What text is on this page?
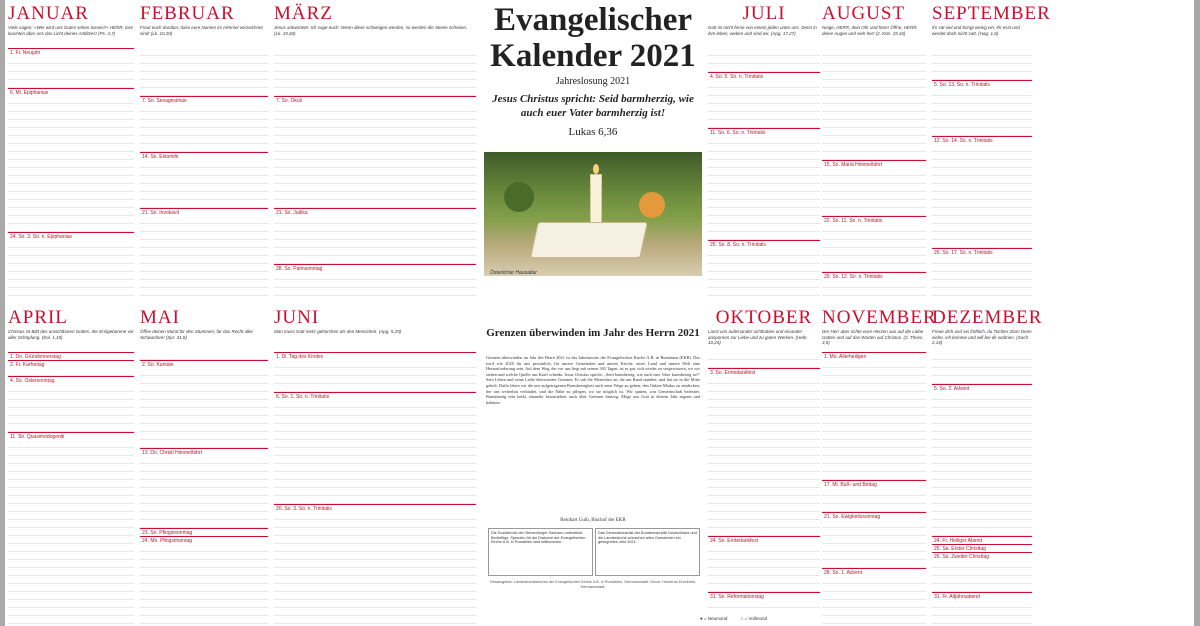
JANUAR
Viele sagen: »Wer wird uns Gutes sehen lassen?« HERR, lass leuchten über uns das Licht deines Antlitzes! (Ps. 4,7)
1. Fr. Neujahr
6. Mi. Epiphanias
24. So. 3. So. n. Epiphanias
FEBRUAR
Freut euch darüber, dass eure Namen im Himmel verzeichnet sind! (Lk. 10,20)
7. So. Sexagesimae
14. So. Estomihi
21. So. Invokavit
MÄRZ
Jesus antwortete: Ich sage euch: Wenn diese schweigen werden, so werden die Steine schreien. (Lk. 19,40)
7. So. Okuli
21. So. Judika
28. So. Palmsonntag
Evangelischer Kalender 2021
Jahreslosung 2021
Jesus Christus spricht: Seid barmherzig, wie auch euer Vater barmherzig ist!
Lukas 6,36
Österlicher Hausaltar
JULI
Gott ist nicht ferne von einem jeden unter uns. Denn in ihm leben, weben und sind wir. (Apg. 17,27)
4. So. 5. So. n. Trinitatis
11. So. 6. So. n. Trinitatis
25. So. 8. So. n. Trinitatis
AUGUST
Neige, HERR, dein Ohr und höre! Öffne, HERR, deine Augen und sieh her! (2. Kön. 19,16)
15. So. Mariä Himmelfahrt
22. So. 11. So. n. Trinitatis
29. So. 12. So. n. Trinitatis
SEPTEMBER
Ihr sät viel und bringt wenig ein; ihr esst und werdet doch nicht satt. (Hag. 1,6)
5. So. 13. So. n. Trinitatis
12. So. 14. So. n. Trinitatis
26. So. 17. So. n. Trinitatis
APRIL
Christus ist Bild des unsichtbaren Gottes, der Erstgeborene vor aller Schöpfung. (Kol. 1,15)
1. Do. Gründonnerstag
2. Fr. Karfreitag
4. So. Ostersonntag
11. So. Quasimodogeniti
MAI
Öffne deinen Mund für den Stummen, für das Recht aller Schwachen! (Spr. 31,8)
2. So. Kantate
13. Do. Christi Himmelfahrt
23. So. Pfingstsonntag
24. Mo. Pfingstmontag
JUNI
Man muss Gott mehr gehorchen als den Menschen. (Apg. 5,29)
1. Di. Tag des Kindes
6. So. 1. So. n. Trinitatis
20. So. 3. So. n. Trinitatis
Grenzen überwinden im Jahr des Herrn 2021
Grenzen überwinden im Jahr des Herrn 2021 ist das Jahresmotto der Evangelischen Kirche A.B. in Rumänien (EKR). Das wird wie 2020 für uns persönlich, für unsere Gemeinden und unsere Kirche, unser Land und unsere Welt eine Herausforderung sein. Auf dem Weg, der vor uns liegt mit seinen 365 Tagen, ist es gut, sich wieder zu vergewissern, wo wir stehen und welche Quelle uns Kraft schenkt. Jesus Christus spricht: „Seid barmherzig, wie auch euer Vater barmherzig ist!“ Sein Leben und seine Liebe überwinden Grenzen. Er sah die Menschen an, die am Rand standen, und hat sie in die Mitte geholt. Dafür leben wir die uns aufgetragenen Barmherzigkeit auch neue Wege zu gehen: den Online-Modus zu entdecken, der uns weiterhin verbindet, und die Nähe zu pflegen, wo sie möglich ist. Wir spüren, was Gemeinschaft bedeutet. Barmherzig sein heißt, einander beizustehen, auch über Grenzen hinweg. Möge uns Gott in diesem Jahr segnen und behüten.
Reinhart Guib, Bischof der EKR
Die Sozialbrock der Siebenbürger Sachsen unterstützt Bedürftige. Spenden für die Diakonie der Evangelischen Kirche A.B. in Rumänien sind willkommen.
Das Generalkonsulat der Bundesrepublik Deutschland und die Landeskirche wünschen allen Gemeinden ein gesegnetes Jahr 2021.
Herausgeber: Landeskonsistorium der Evangelischen Kirche A.B. in Rumänien, Hermannstadt. Druck: Honterus Druckerei, Hermannstadt.
OKTOBER
Lasst uns aufeinander achthaben und einander anspornen zur Liebe und zu guten Werken. (Hebr. 10,24)
3. So. Erntedankfest
24. So. Erntedankfest
31. So. Reformationstag
NOVEMBER
Der Herr aber richte eure Herzen aus auf die Liebe Gottes und auf das Warten auf Christus. (2. Thess. 3,5)
1. Mo. Allerheiligen
17. Mi. Buß- und Bettag
21. So. Ewigkeitssonntag
28. So. 1. Advent
DEZEMBER
Freue dich und sei fröhlich, du Tochter Zion! Denn siehe, ich komme und will bei dir wohnen. (Sach. 2,14)
5. So. 2. Advent
24. Fr. Heiliger Abend
25. Sa. Erster Christtag
26. So. Zweiter Christtag
31. Fr. Altjahrsabend
● = Neumond	○ = Vollmond
